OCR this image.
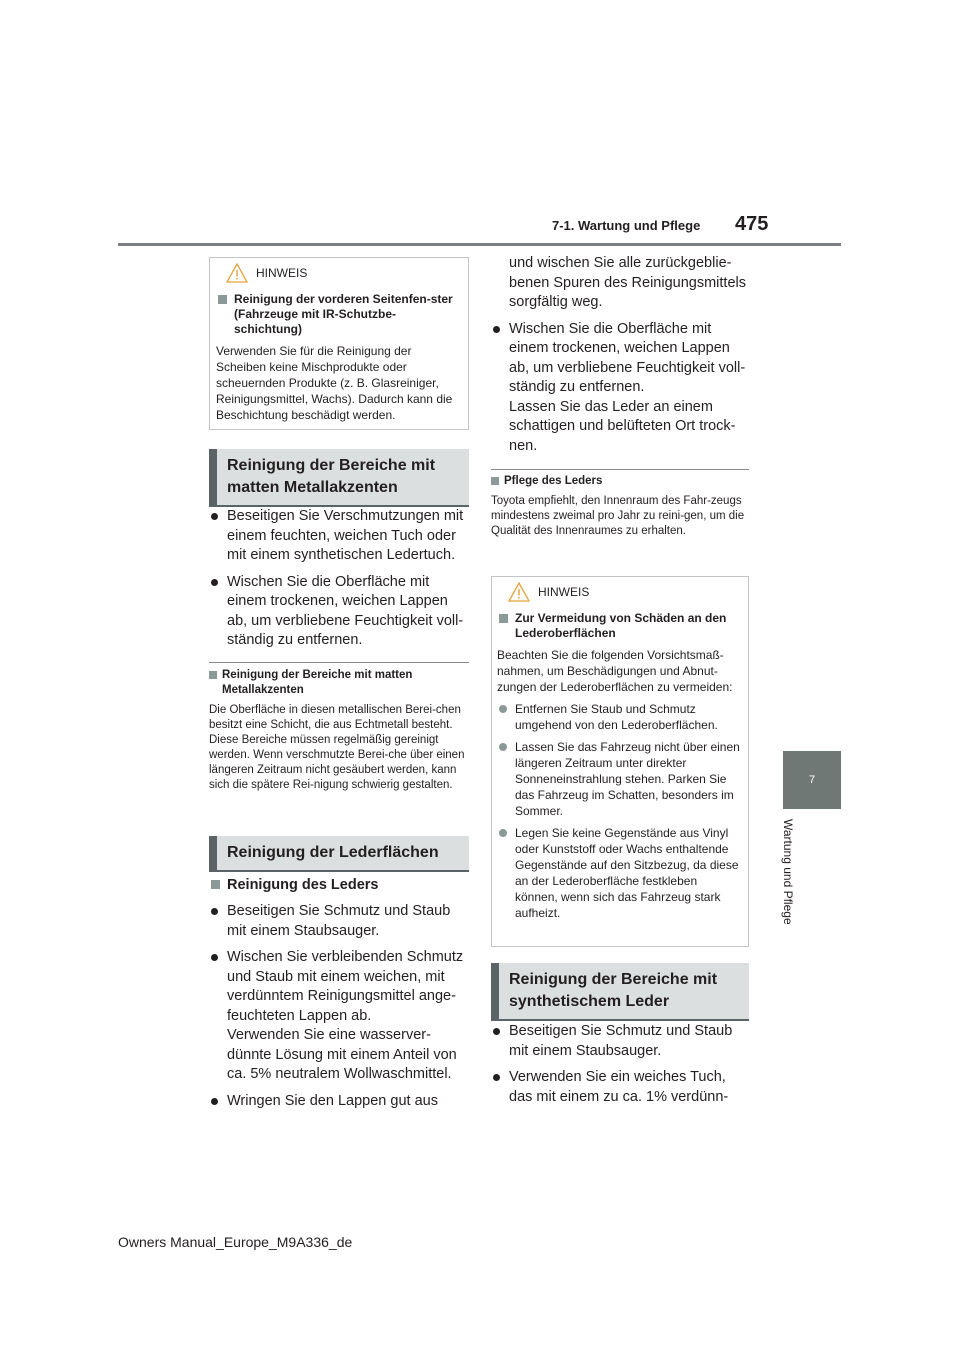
7-1. Wartung und Pflege 475
7
Wartung und Pflege
HINWEIS
Reinigung der vorderen Seitenfen-ster (Fahrzeuge mit IR-Schutzbe-schichtung)
Verwenden Sie für die Reinigung der Scheiben keine Mischprodukte oder scheuernden Produkte (z. B. Glasreiniger, Reinigungsmittel, Wachs). Dadurch kann die Beschichtung beschädigt werden.
Reinigung der Bereiche mit matten Metallakzenten
Beseitigen Sie Verschmutzungen mit einem feuchten, weichen Tuch oder mit einem synthetischen Ledertuch.
Wischen Sie die Oberfläche mit einem trockenen, weichen Lappen ab, um verbliebene Feuchtigkeit voll-ständig zu entfernen.
Reinigung der Bereiche mit matten Metallakzenten
Die Oberfläche in diesen metallischen Berei-chen besitzt eine Schicht, die aus Echtmetall besteht. Diese Bereiche müssen regelmäßig gereinigt werden. Wenn verschmutzte Berei-che über einen längeren Zeitraum nicht gesäubert werden, kann sich die spätere Rei-nigung schwierig gestalten.
Reinigung der Lederflächen
Reinigung des Leders
Beseitigen Sie Schmutz und Staub mit einem Staubsauger.
Wischen Sie verbleibenden Schmutz und Staub mit einem weichen, mit verdünntem Reinigungsmittel ange-feuchteten Lappen ab.
Verwenden Sie eine wasserver-dünnte Lösung mit einem Anteil von ca. 5% neutralem Wollwaschmittel.
Wringen Sie den Lappen gut aus
und wischen Sie alle zurückgeblie-benen Spuren des Reinigungsmittels sorgfältig weg.
Wischen Sie die Oberfläche mit einem trockenen, weichen Lappen ab, um verbliebene Feuchtigkeit voll-ständig zu entfernen.
Lassen Sie das Leder an einem schattigen und belüfteten Ort trock-nen.
Pflege des Leders
Toyota empfiehlt, den Innenraum des Fahr-zeugs mindestens zweimal pro Jahr zu reini-gen, um die Qualität des Innenraumes zu erhalten.
HINWEIS
Zur Vermeidung von Schäden an den Lederoberflächen
Beachten Sie die folgenden Vorsichtsmaß-nahmen, um Beschädigungen und Abnut-zungen der Lederoberflächen zu vermeiden:
Entfernen Sie Staub und Schmutz umgehend von den Lederoberflächen.
Lassen Sie das Fahrzeug nicht über einen längeren Zeitraum unter direkter Sonneneinstrahlung stehen. Parken Sie das Fahrzeug im Schatten, besonders im Sommer.
Legen Sie keine Gegenstände aus Vinyl oder Kunststoff oder Wachs enthaltende Gegenstände auf den Sitzbezug, da diese an der Lederoberfläche festkleben können, wenn sich das Fahrzeug stark aufheizt.
Reinigung der Bereiche mit synthetischem Leder
Beseitigen Sie Schmutz und Staub mit einem Staubsauger.
Verwenden Sie ein weiches Tuch, das mit einem zu ca. 1% verdünn-
Owners Manual_Europe_M9A336_de
